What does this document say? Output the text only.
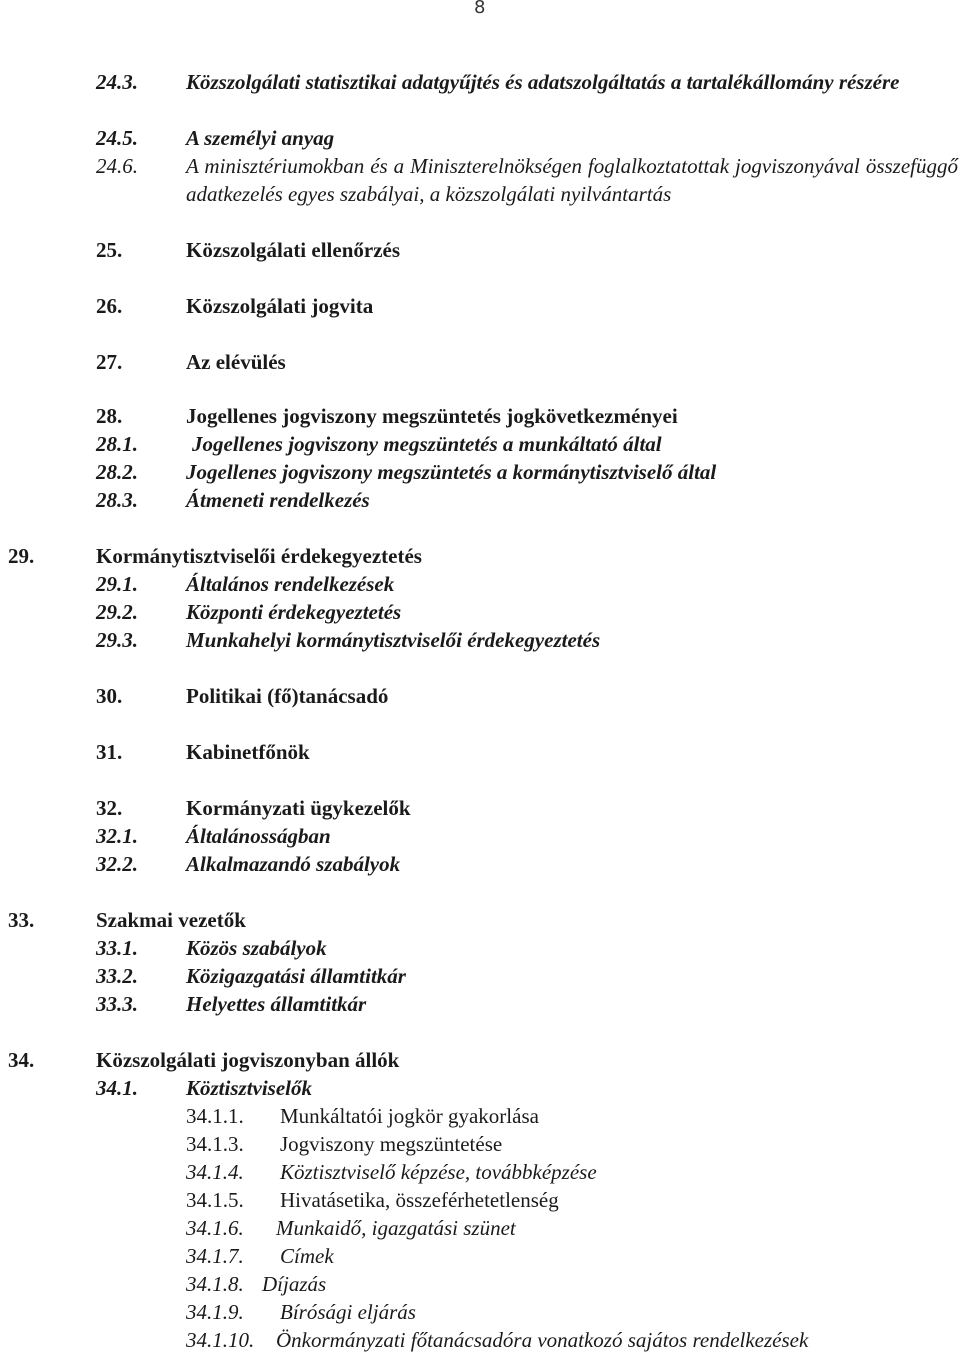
8
24.3. Közszolgálati statisztikai adatgyűjtés és adatszolgáltatás a tartalékállomány részére
24.5. A személyi anyag
24.6. A minisztériumokban és a Miniszterelnökségen foglalkoztatottak jogviszonyával összefüggő adatkezelés egyes szabályai, a közszolgálati nyilvántartás
25.	Közszolgálati ellenőrzés
26.	Közszolgálati jogvita
27.	Az elévülés
28.	Jogellenes jogviszony megszüntetés jogkövetkezményei
28.1.	Jogellenes jogviszony megszüntetés a munkáltató által
28.2. Jogellenes jogviszony megszüntetés a kormánytisztviselő által
28.3. Átmeneti rendelkezés
29.	Kormánytisztviselői érdekegyeztetés
29.1. Általános rendelkezések
29.2. Központi érdekegyeztetés
29.3. Munkahelyi kormánytisztviselői érdekegyeztetés
30.	Politikai (fő)tanácsadó
31.	Kabinetfőnök
32.	Kormányzati ügykezelők
32.1. Általánosságban
32.2. Alkalmazandó szabályok
33.	Szakmai vezetők
33.1. Közös szabályok
33.2. Közigazgatási államtitkár
33.3. Helyettes államtitkár
34.	Közszolgálati jogviszonyban állók
34.1. Köztisztviselők
34.1.1. Munkáltatói jogkör gyakorlása
34.1.3. Jogviszony megszüntetése
34.1.4. Köztisztviselő képzése, továbbképzése
34.1.5. Hivatásetika, összeférhetetlenség
34.1.6. Munkaidő, igazgatási szünet
34.1.7. Címek
34.1.8. Díjazás
34.1.9. Bírósági eljárás
34.1.10. Önkormányzati főtanácsadóra vonatkozó sajátos rendelkezések
